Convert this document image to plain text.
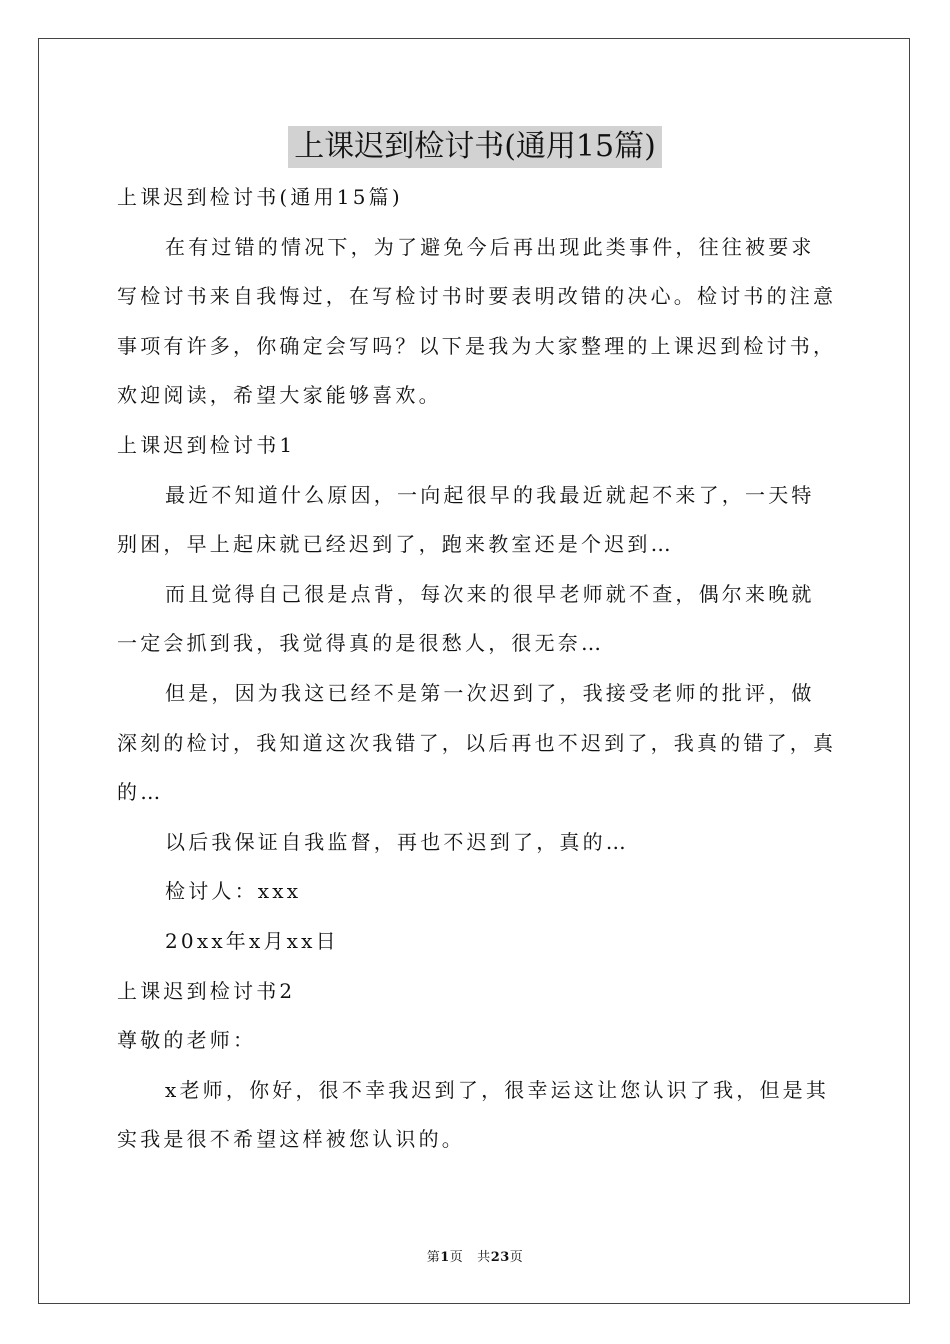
上课迟到检讨书(通用15篇)

上课迟到检讨书(通用15篇)

在有过错的情况下，为了避免今后再出现此类事件，往往被要求写检讨书来自我悔过，在写检讨书时要表明改错的决心。检讨书的注意事项有许多，你确定会写吗？以下是我为大家整理的上课迟到检讨书，欢迎阅读，希望大家能够喜欢。

上课迟到检讨书1

最近不知道什么原因，一向起很早的我最近就起不来了，一天特别困，早上起床就已经迟到了，跑来教室还是个迟到…

而且觉得自己很是点背，每次来的很早老师就不查，偶尔来晚就一定会抓到我，我觉得真的是很愁人，很无奈…

但是，因为我这已经不是第一次迟到了，我接受老师的批评，做深刻的检讨，我知道这次我错了，以后再也不迟到了，我真的错了，真的…

以后我保证自我监督，再也不迟到了，真的…

检讨人：xxx

20xx年x月xx日

上课迟到检讨书2

尊敬的老师：

x老师，你好，很不幸我迟到了，很幸运这让您认识了我，但是其实我是很不希望这样被您认识的。

第1页 共23页
